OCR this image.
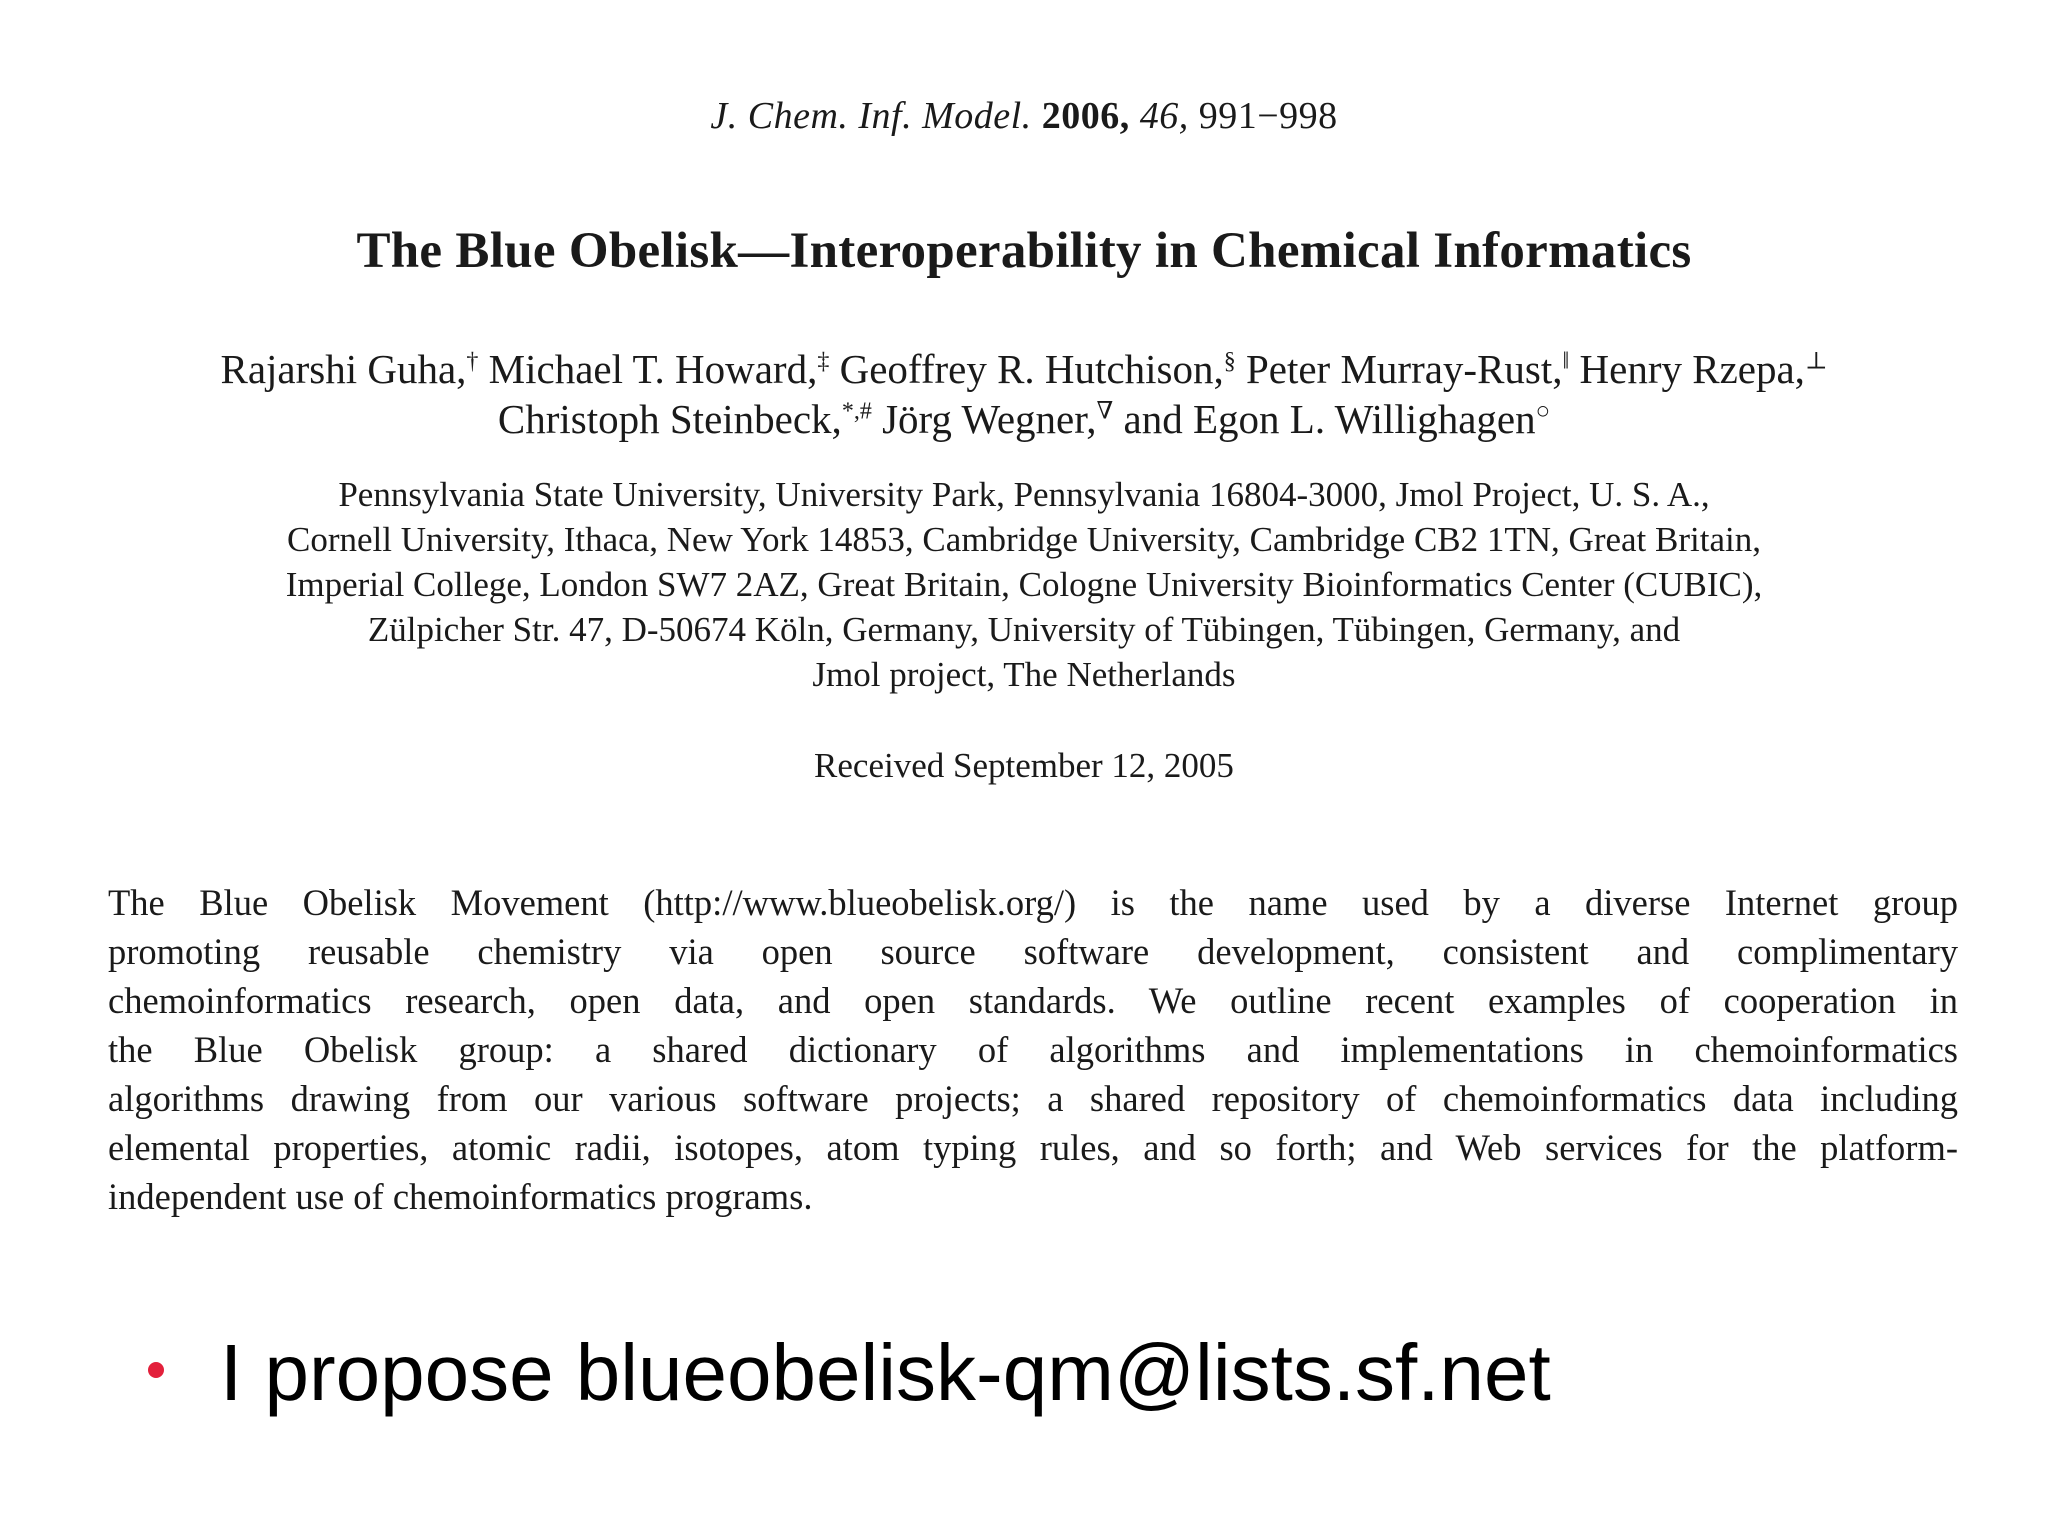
J. Chem. Inf. Model. 2006, 46, 991−998
The Blue Obelisk—Interoperability in Chemical Informatics
Rajarshi Guha,† Michael T. Howard,‡ Geoffrey R. Hutchison,§ Peter Murray-Rust,‖ Henry Rzepa,⊥
Christoph Steinbeck,*,# Jörg Wegner,∇ and Egon L. Willighagen○
Pennsylvania State University, University Park, Pennsylvania 16804-3000, Jmol Project, U. S. A.,
Cornell University, Ithaca, New York 14853, Cambridge University, Cambridge CB2 1TN, Great Britain,
Imperial College, London SW7 2AZ, Great Britain, Cologne University Bioinformatics Center (CUBIC),
Zülpicher Str. 47, D-50674 Köln, Germany, University of Tübingen, Tübingen, Germany, and
Jmol project, The Netherlands
Received September 12, 2005
The Blue Obelisk Movement (http://www.blueobelisk.org/) is the name used by a diverse Internet group
promoting reusable chemistry via open source software development, consistent and complimentary
chemoinformatics research, open data, and open standards. We outline recent examples of cooperation in
the Blue Obelisk group: a shared dictionary of algorithms and implementations in chemoinformatics
algorithms drawing from our various software projects; a shared repository of chemoinformatics data including
elemental properties, atomic radii, isotopes, atom typing rules, and so forth; and Web services for the platform-
independent use of chemoinformatics programs.
I propose blueobelisk-qm@lists.sf.net
